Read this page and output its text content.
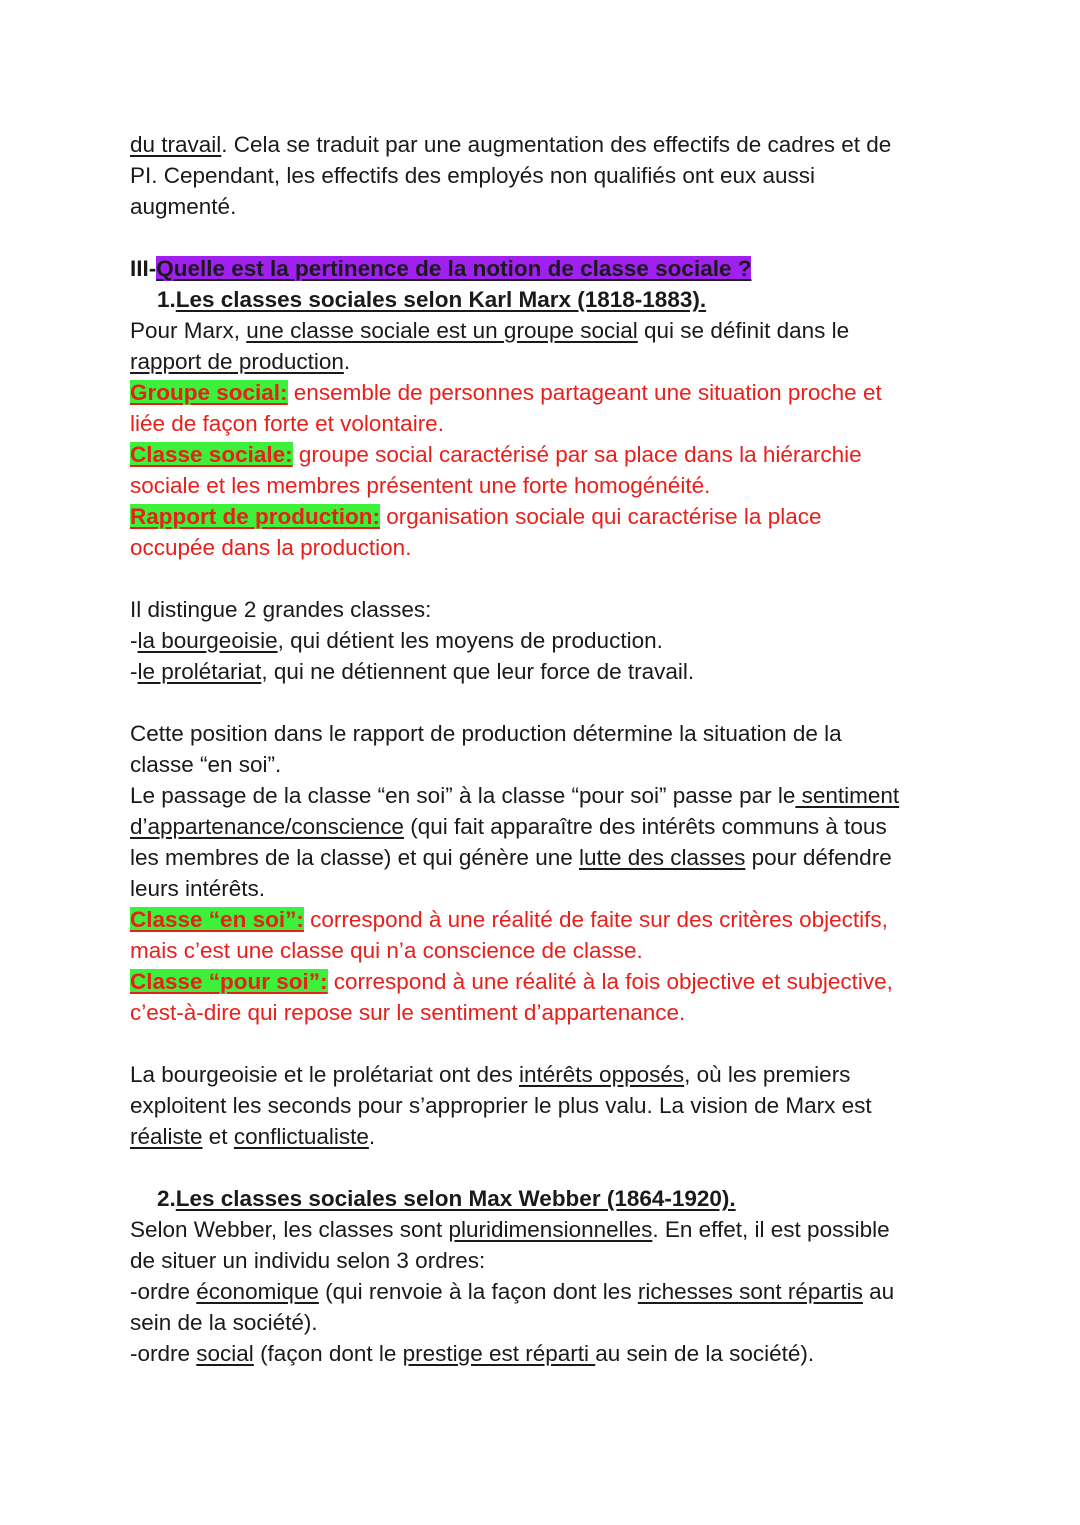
du travail. Cela se traduit par une augmentation des effectifs de cadres et de
PI. Cependant, les effectifs des employés non qualifiés ont eux aussi
augmenté.
III-Quelle est la pertinence de la notion de classe sociale ?
1.Les classes sociales selon Karl Marx (1818-1883).
Pour Marx, une classe sociale est un groupe social qui se définit dans le
rapport de production.
Groupe social: ensemble de personnes partageant une situation proche et
liée de façon forte et volontaire.
Classe sociale: groupe social caractérisé par sa place dans la hiérarchie
sociale et les membres présentent une forte homogénéité.
Rapport de production: organisation sociale qui caractérise la place
occupée dans la production.
Il distingue 2 grandes classes:
-la bourgeoisie, qui détient les moyens de production.
-le prolétariat, qui ne détiennent que leur force de travail.
Cette position dans le rapport de production détermine la situation de la
classe “en soi”.
Le passage de la classe “en soi” à la classe “pour soi” passe par le sentiment
d’appartenance/conscience (qui fait apparaître des intérêts communs à tous
les membres de la classe) et qui génère une lutte des classes pour défendre
leurs intérêts.
Classe “en soi”: correspond à une réalité de faite sur des critères objectifs,
mais c’est une classe qui n’a conscience de classe.
Classe “pour soi”: correspond à une réalité à la fois objective et subjective,
c’est-à-dire qui repose sur le sentiment d’appartenance.
La bourgeoisie et le prolétariat ont des intérêts opposés, où les premiers
exploitent les seconds pour s’approprier le plus valu. La vision de Marx est
réaliste et conflictualiste.
2.Les classes sociales selon Max Webber (1864-1920).
Selon Webber, les classes sont pluridimensionnelles. En effet, il est possible
de situer un individu selon 3 ordres:
-ordre économique (qui renvoie à la façon dont les richesses sont répartis au
sein de la société).
-ordre social (façon dont le prestige est réparti au sein de la société).
